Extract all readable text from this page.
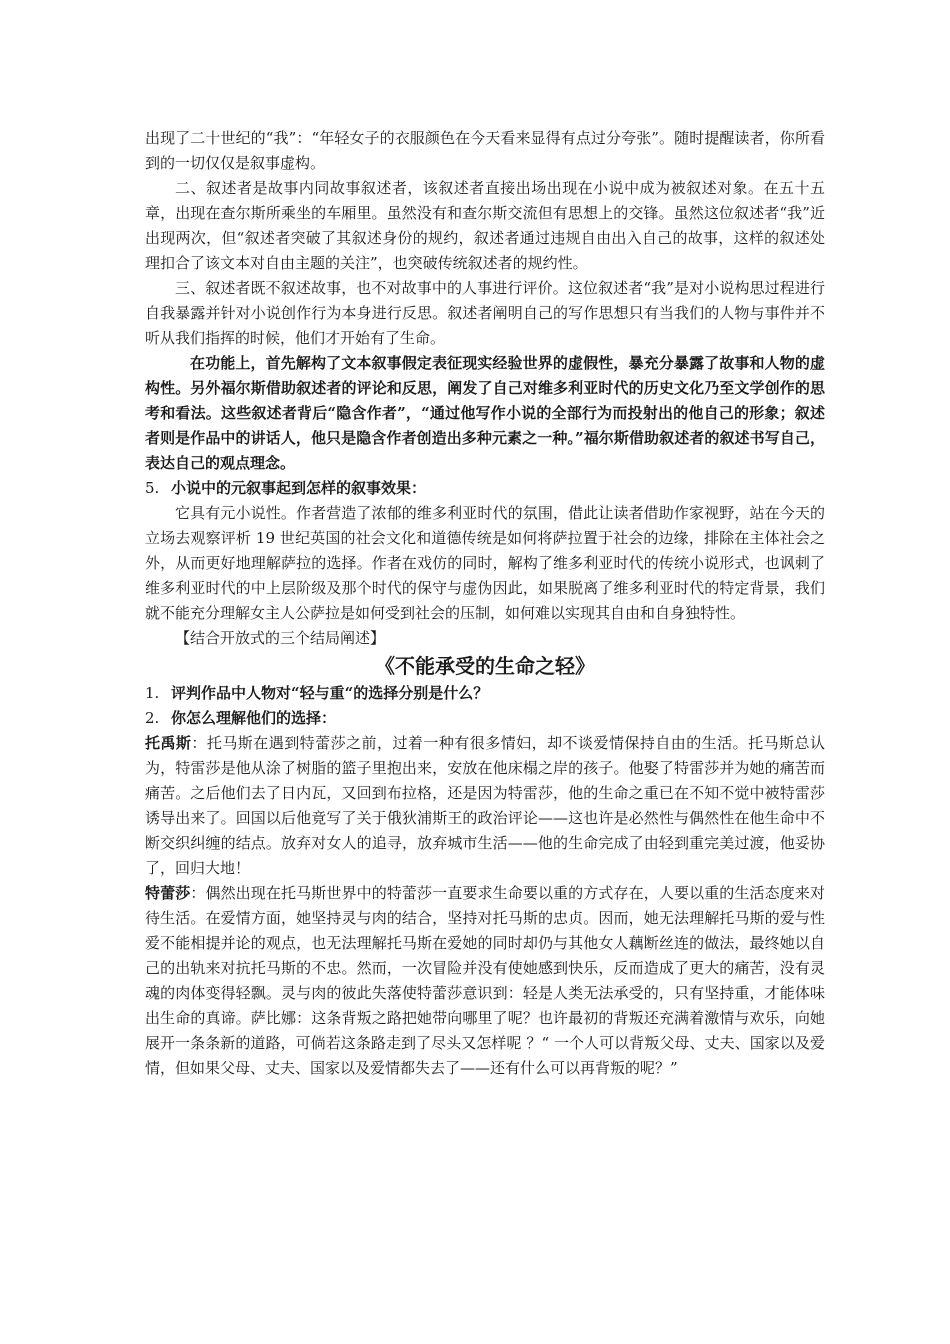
出现了二十世纪的“我”：“年轻女子的衣服颜色在今天看来显得有点过分夸张”。随时提醒读者，你所看到的一切仅仅是叙事虚构。

二、叙述者是故事内同故事叙述者，该叙述者直接出场出现在小说中成为被叙述对象。在五十五章，出现在查尔斯所乘坐的车厢里。虽然没有和查尔斯交流但有思想上的交锋。虽然这位叙述者“我”近出现两次，但“叙述者突破了其叙述身份的规约，叙述者通过违规自由出入自己的故事，这样的叙述处理扣合了该文本对自由主题的关注”，也突破传统叙述者的规约性。

三、叙述者既不叙述故事，也不对故事中的人事进行评价。这位叙述者“我”是对小说构思过程进行自我暴露并针对小说创作行为本身进行反思。叙述者阐明自己的写作思想只有当我们的人物与事件并不听从我们指挥的时候，他们才开始有了生命。

在功能上，首先解构了文本叙事假定表征现实经验世界的虚假性，暴充分暴露了故事和人物的虚构性。另外福尔斯借助叙述者的评论和反思，阐发了自己对维多利亚时代的历史文化乃至文学创作的思考和看法。这些叙述者背后“隐含作者”，“通过他写作小说的全部行为而投射出的他自己的形象；叙述者则是作品中的讲话人，他只是隐含作者创造出多种元素之一种。”福尔斯借助叙述者的叙述书写自己，表达自己的观点理念。

5. 小说中的元叙事起到怎样的叙事效果：

它具有元小说性。作者营造了浓郁的维多利亚时代的氛围，借此让读者借助作家视野，站在今天的立场去观察评析 19 世纪英国的社会文化和道德传统是如何将萨拉置于社会的边缘，排除在主体社会之外，从而更好地理解萨拉的选择。作者在戏仿的同时，解构了维多利亚时代的传统小说形式，也讽刺了维多利亚时代的中上层阶级及那个时代的保守与虚伪因此，如果脱离了维多利亚时代的特定背景，我们就不能充分理解女主人公萨拉是如何受到社会的压制，如何难以实现其自由和自身独特性。

【结合开放式的三个结局阐述】

《不能承受的生命之轻》

1. 评判作品中人物对“轻与重“的选择分别是什么？

2. 你怎么理解他们的选择：

托禹斯：托马斯在遇到特蕾莎之前，过着一种有很多情妇，却不谈爱情保持自由的生活。托马斯总认为，特雷莎是他从涂了树脂的篮子里抱出来，安放在他床榻之岸的孩子。他娶了特雷莎并为她的痛苦而痛苦。之后他们去了日内瓦，又回到布拉格，还是因为特雷莎，他的生命之重已在不知不觉中被特雷莎诱导出来了。回国以后他竟写了关于俄狄浦斯王的政治评论——这也许是必然性与偶然性在他生命中不断交织纠缠的结点。放弃对女人的追寻，放弃城市生活——他的生命完成了由轻到重完美过渡，他妥协了，回归大地！

特蕾莎：偶然出现在托马斯世界中的特蕾莎一直要求生命要以重的方式存在，人要以重的生活态度来对待生活。在爱情方面，她坚持灵与肉的结合，坚持对托马斯的忠贞。因而，她无法理解托马斯的爱与性爱不能相提并论的观点，也无法理解托马斯在爱她的同时却仍与其他女人藕断丝连的做法，最终她以自己的出轨来对抗托马斯的不忠。然而，一次冒险并没有使她感到快乐，反而造成了更大的痛苦，没有灵魂的肉体变得轻飘。灵与肉的彼此失落使特蕾莎意识到：轻是人类无法承受的，只有坚持重，才能体味出生命的真谛。萨比娜：这条背叛之路把她带向哪里了呢？也许最初的背叛还充满着激情与欢乐，向她展开一条条新的道路，可倘若这条路走到了尽头又怎样呢 ？“ 一个人可以背叛父母、丈夫、国家以及爱情，但如果父母、丈夫、国家以及爱情都失去了——还有什么可以再背叛的呢？”
